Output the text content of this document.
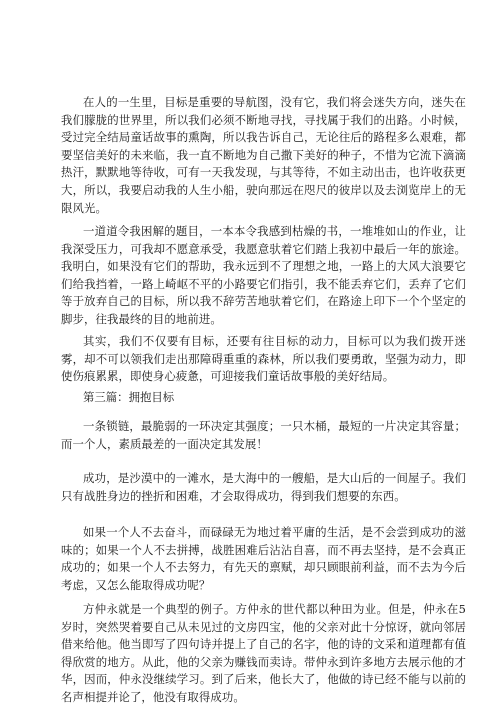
在人的一生里，目标是重要的导航图，没有它，我们将会迷失方向，迷失在我们朦胧的世界里，所以我们必须不断地寻找，寻找属于我们的出路。小时候，受过完全结局童话故事的熏陶，所以我告诉自己，无论往后的路程多么艰难，都要坚信美好的未来临，我一直不断地为自己撒下美好的种子，不惜为它流下滴滴热汗，默默地等待收，可有一天我发现，与其等待，不如主动出击，也许收获更大，所以，我要启动我的人生小船，驶向那远在咫尺的彼岸以及去浏览岸上的无限风光。

一道道令我困解的题目，一本本令我感到枯燥的书，一堆堆如山的作业，让我深受压力，可我却不愿意承受，我愿意驮着它们踏上我初中最后一年的旅途。我明白，如果没有它们的帮助，我永远到不了理想之地，一路上的大风大浪要它们给我挡着，一路上崎岖不平的小路要它们指引，我不能丢弃它们，丢弃了它们等于放弃自己的目标，所以我不辞劳苦地驮着它们，在路途上印下一个个坚定的脚步，往我最终的目的地前进。

其实，我们不仅要有目标，还要有往目标的动力，目标可以为我们拨开迷雾，却不可以领我们走出那障碍重重的森林，所以我们要勇敢，坚强为动力，即使伤痕累累，即使身心疲惫，可迎接我们童话故事般的美好结局。

第三篇：拥抱目标

一条锁链，最脆弱的一环决定其强度；一只木桶，最短的一片决定其容量；而一个人，素质最差的一面决定其发展！

成功，是沙漠中的一滩水，是大海中的一艘船，是大山后的一间屋子。我们只有战胜身边的挫折和困难，才会取得成功，得到我们想要的东西。

如果一个人不去奋斗，而碌碌无为地过着平庸的生活，是不会尝到成功的滋味的；如果一个人不去拼搏，战胜困难后沾沾自喜，而不再去坚持，是不会真正成功的；如果一个人不去努力，有先天的禀赋，却只顾眼前利益，而不去为今后考虑，又怎么能取得成功呢？

方仲永就是一个典型的例子。方仲永的世代都以种田为业。但是，仲永在5岁时，突然哭着要自己从未见过的文房四宝，他的父亲对此十分惊讶，就向邻居借来给他。他当即写了四句诗并提上了自己的名字，他的诗的文采和道理都有值得欣赏的地方。从此，他的父亲为赚钱而卖诗。带仲永到许多地方去展示他的才华，因而，仲永没继续学习。到了后来，他长大了，他做的诗已经不能与以前的名声相提并论了，他没有取得成功。
